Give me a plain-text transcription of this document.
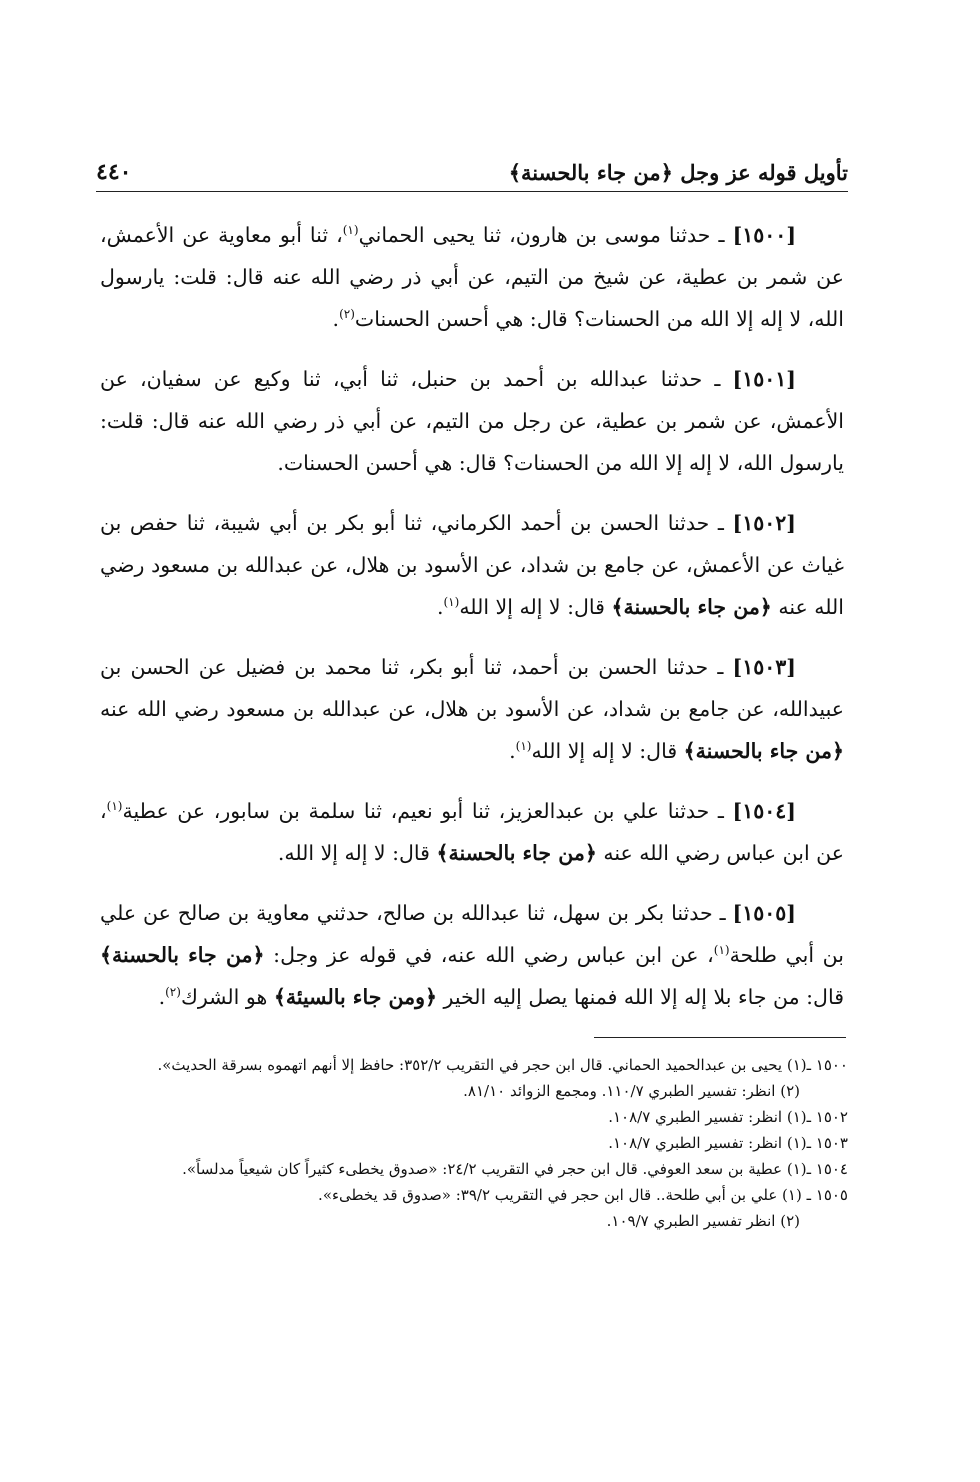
تأويل قوله عز وجل ﴿من جاء بالحسنة﴾
٤٤٠

[١٥٠٠] ـ حدثنا موسى بن هارون، ثنا يحيى الحماني$^{(١)}$، ثنا أبو معاوية عن الأعمش، عن شمر بن عطية، عن شيخ من التيم، عن أبي ذر رضي الله عنه قال: قلت: يارسول الله، لا إله إلا الله من الحسنات؟ قال: هي أحسن الحسنات$^{(٢)}$.

[١٥٠١] ـ حدثنا عبدالله بن أحمد بن حنبل، ثنا أبي، ثنا وكيع عن سفيان، عن الأعمش، عن شمر بن عطية، عن رجل من التيم، عن أبي ذر رضي الله عنه قال: قلت: يارسول الله، لا إله إلا الله من الحسنات؟ قال: هي أحسن الحسنات.

[١٥٠٢] ـ حدثنا الحسن بن أحمد الكرماني، ثنا أبو بكر بن أبي شيبة، ثنا حفص بن غياث عن الأعمش، عن جامع بن شداد، عن الأسود بن هلال، عن عبدالله بن مسعود رضي الله عنه ﴿من جاء بالحسنة﴾ قال: لا إله إلا الله$^{(١)}$.

[١٥٠٣] ـ حدثنا الحسن بن أحمد، ثنا أبو بكر، ثنا محمد بن فضيل عن الحسن بن عبيدالله، عن جامع بن شداد، عن الأسود بن هلال، عن عبدالله بن مسعود رضي الله عنه ﴿من جاء بالحسنة﴾ قال: لا إله إلا الله$^{(١)}$.

[١٥٠٤] ـ حدثنا علي بن عبدالعزيز، ثنا أبو نعيم، ثنا سلمة بن سابور، عن عطية$^{(١)}$، عن ابن عباس رضي الله عنه ﴿من جاء بالحسنة﴾ قال: لا إله إلا الله.

[١٥٠٥] ـ حدثنا بكر بن سهل، ثنا عبدالله بن صالح، حدثني معاوية بن صالح عن علي بن أبي طلحة$^{(١)}$، عن ابن عباس رضي الله عنه، في قوله عز وجل: ﴿من جاء بالحسنة﴾ قال: من جاء بلا إله إلا الله فمنها يصل إليه الخير ﴿ومن جاء بالسيئة﴾ هو الشرك$^{(٢)}$.

١٥٠٠ ـ(١) يحيى بن عبدالحميد الحماني. قال ابن حجر في التقريب ٣٥٢/٢: حافظ إلا أنهم اتهموه بسرقة الحديث».

(٢) انظر: تفسير الطبري ١١٠/٧. ومجمع الزوائد ٨١/١٠.

١٥٠٢ ـ(١) انظر: تفسير الطبري ١٠٨/٧.

١٥٠٣ ـ(١) انظر: تفسير الطبري ١٠٨/٧.

١٥٠٤ ـ(١) عطية بن سعد العوفي. قال ابن حجر في التقريب ٢٤/٢: «صدوق يخطىء كثيراً كان شيعياً مدلساً».

١٥٠٥ ـ (١) علي بن أبي طلحة.. قال ابن حجر في التقريب ٣٩/٢: «صدوق قد يخطىء».

(٢) انظر تفسير الطبري ١٠٩/٧.
